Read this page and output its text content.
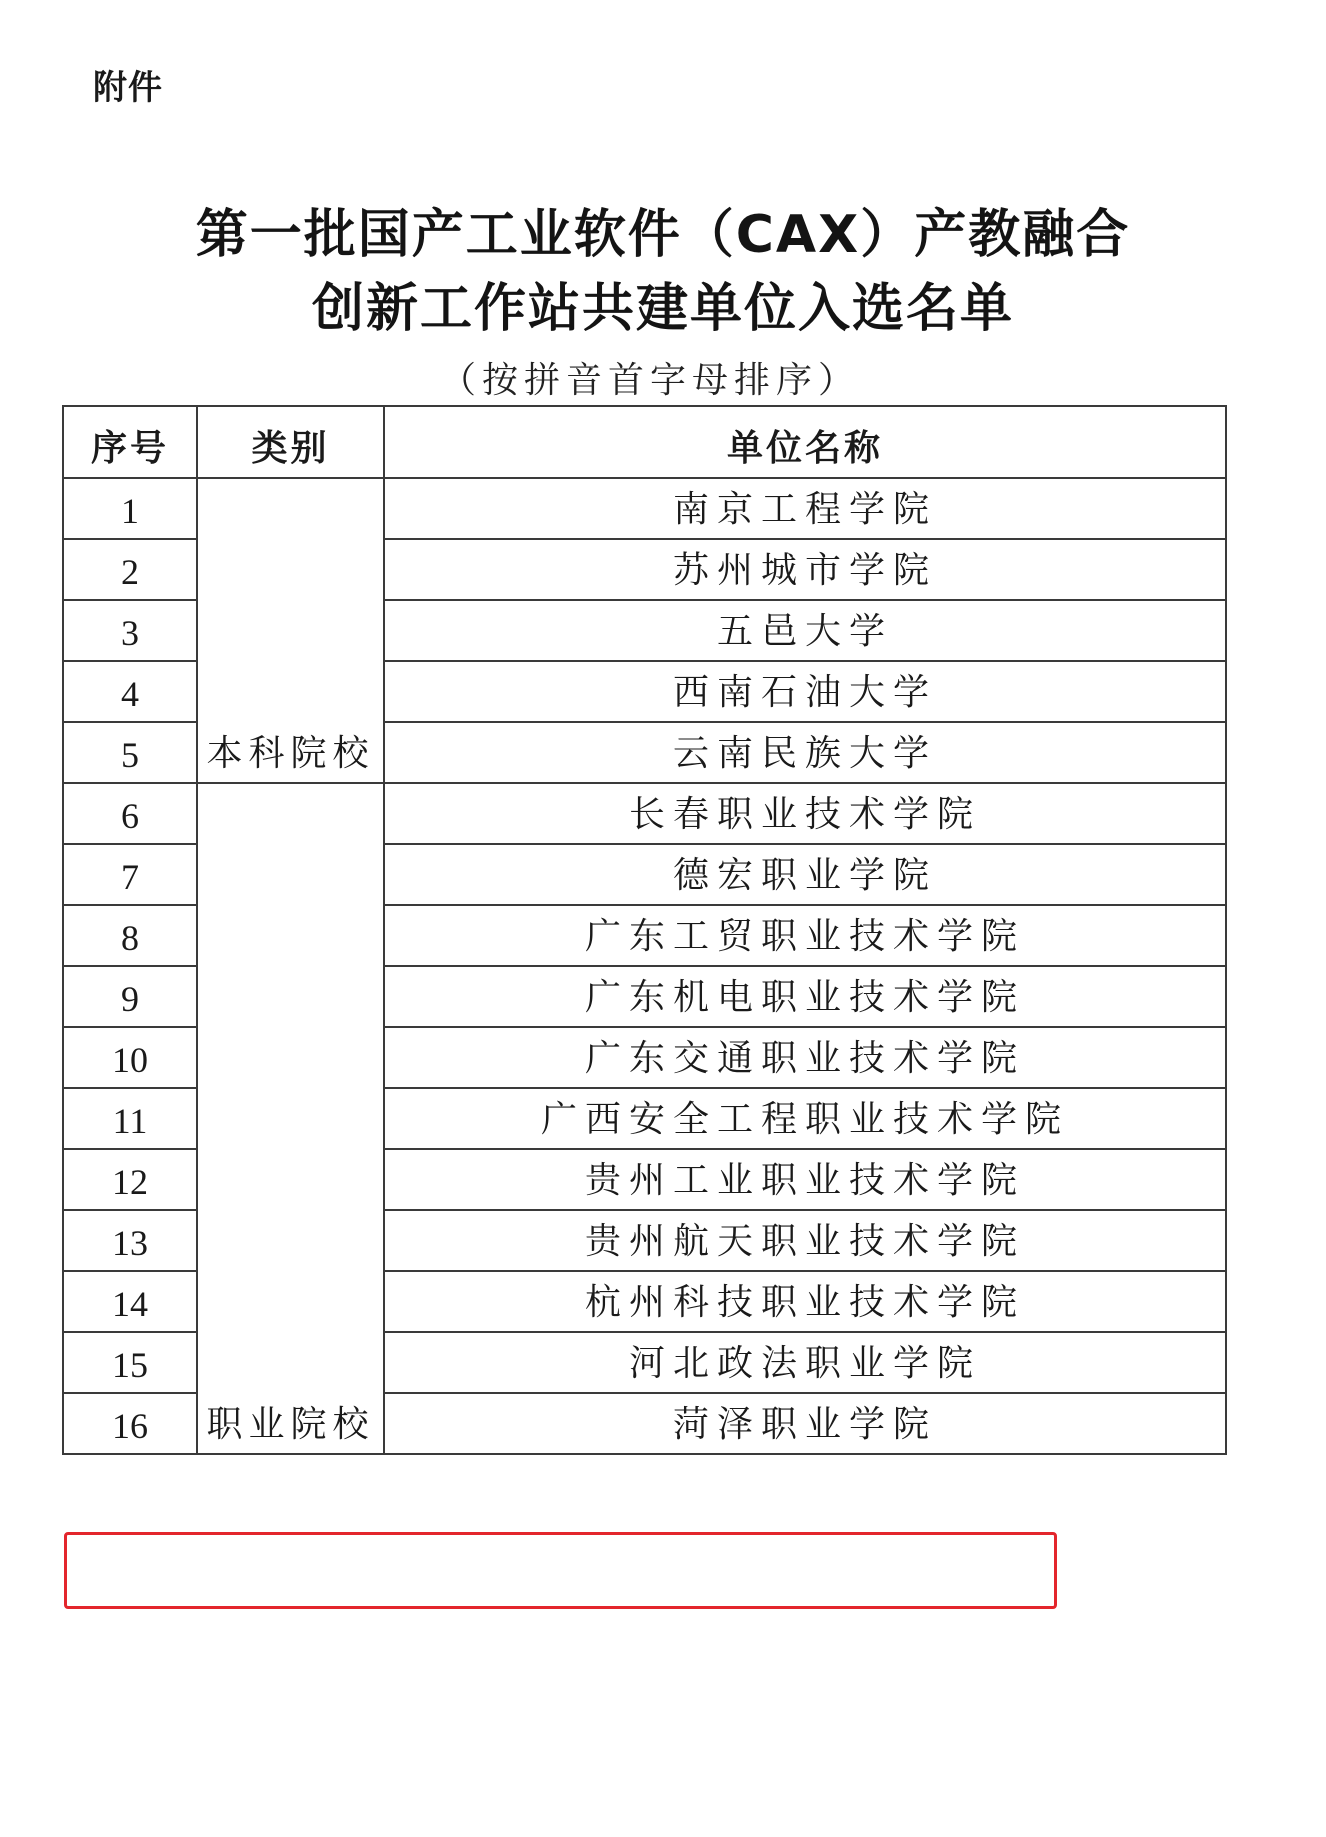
附件
第一批国产工业软件（CAX）产教融合
创新工作站共建单位入选名单
（按拼音首字母排序）
序号	类别	单位名称
1	本科院校	南京工程学院
2		苏州城市学院
3		五邑大学
4		西南石油大学
5		云南民族大学
6	职业院校	长春职业技术学院
7		德宏职业学院
8		广东工贸职业技术学院
9		广东机电职业技术学院
10		广东交通职业技术学院
11		广西安全工程职业技术学院
12		贵州工业职业技术学院
13		贵州航天职业技术学院
14		杭州科技职业技术学院
15		河北政法职业学院
16		菏泽职业学院
